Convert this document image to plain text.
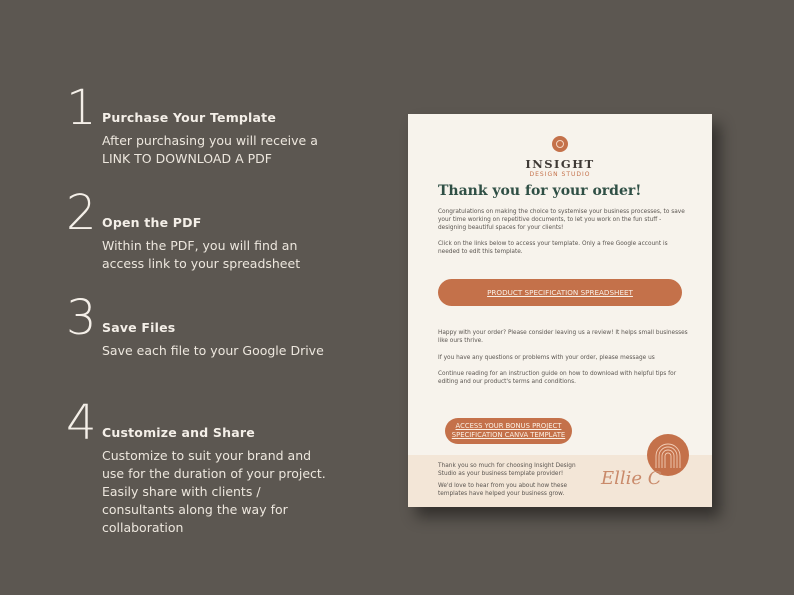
1 Purchase Your Template
After purchasing you will receive a LINK TO DOWNLOAD A PDF
2 Open the PDF
Within the PDF, you will find an access link to your spreadsheet
3 Save Files
Save each file to your Google Drive
4 Customize and Share
Customize to suit your brand and use for the duration of your project. Easily share with clients / consultants along the way for collaboration
INSIGHT
DESIGN STUDIO
Thank you for your order!
Congratulations on making the choice to systemise your business processes, to save your time working on repetitive documents, to let you work on the fun stuff - designing beautiful spaces for your clients!
Click on the links below to access your template. Only a free Google account is needed to edit this template.
PRODUCT SPECIFICATION SPREADSHEET
Happy with your order? Please consider leaving us a review! It helps small businesses like ours thrive.
If you have any questions or problems with your order, please message us
Continue reading for an instruction guide on how to download with helpful tips for editing and our product's terms and conditions.
ACCESS YOUR BONUS PROJECT
SPECIFICATION CANVA TEMPLATE
Thank you so much for choosing Insight Design Studio as your business template provider!
We'd love to hear from you about how these templates have helped your business grow.
Ellie C
